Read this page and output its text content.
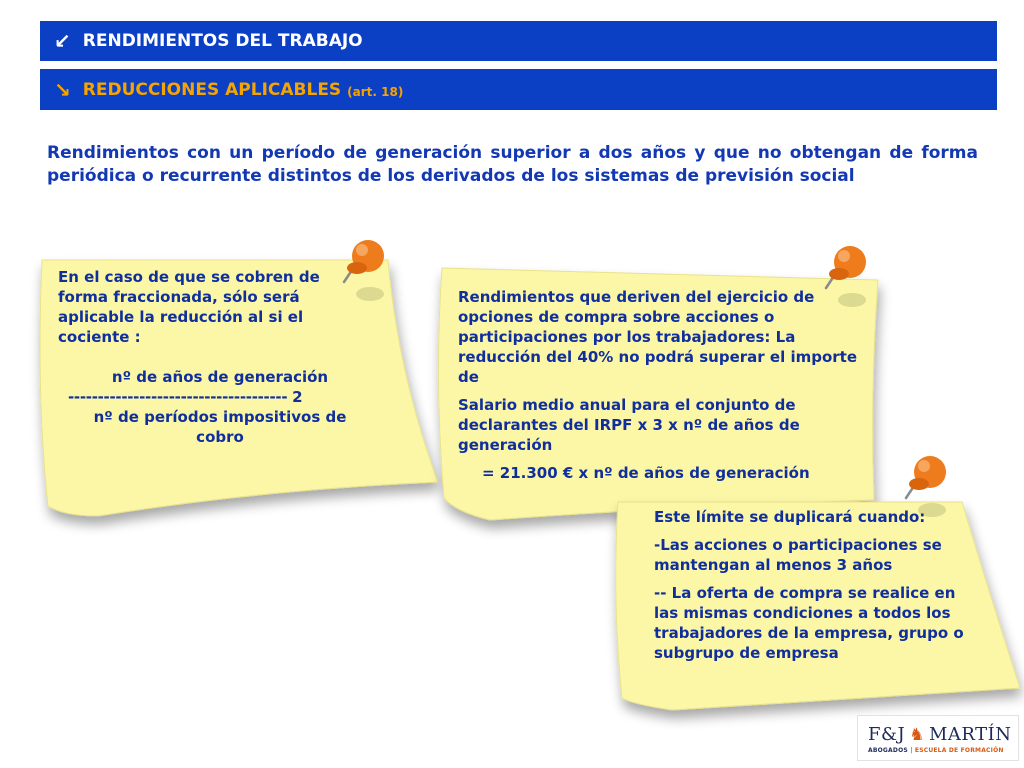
↙ RENDIMIENTOS DEL TRABAJO
↘ REDUCCIONES APLICABLES (art. 18)
Rendimientos con un período de generación superior a dos años y que no obtengan de forma periódica o recurrente distintos de los derivados de los sistemas de previsión social
En el caso de que se cobren de forma fraccionada, sólo será aplicable la reducción al si el cociente :
nº de años de generación
------------------------------------- 2
nº de períodos impositivos de cobro

Rendimientos que deriven del ejercicio de opciones de compra sobre acciones o participaciones por los trabajadores: La reducción del 40% no podrá superar el importe de

Salario medio anual para el conjunto de declarantes del IRPF x 3 x nº de años de generación

= 21.300 € x nº de años de generación

Este límite se duplicará cuando:

-Las acciones o participaciones se mantengan al menos 3 años

-- La oferta de compra se realice en las mismas condiciones a todos los trabajadores de la empresa, grupo o subgrupo de empresa

F&J ♞ MARTÍN
ABOGADOS | ESCUELA DE FORMACIÓN
